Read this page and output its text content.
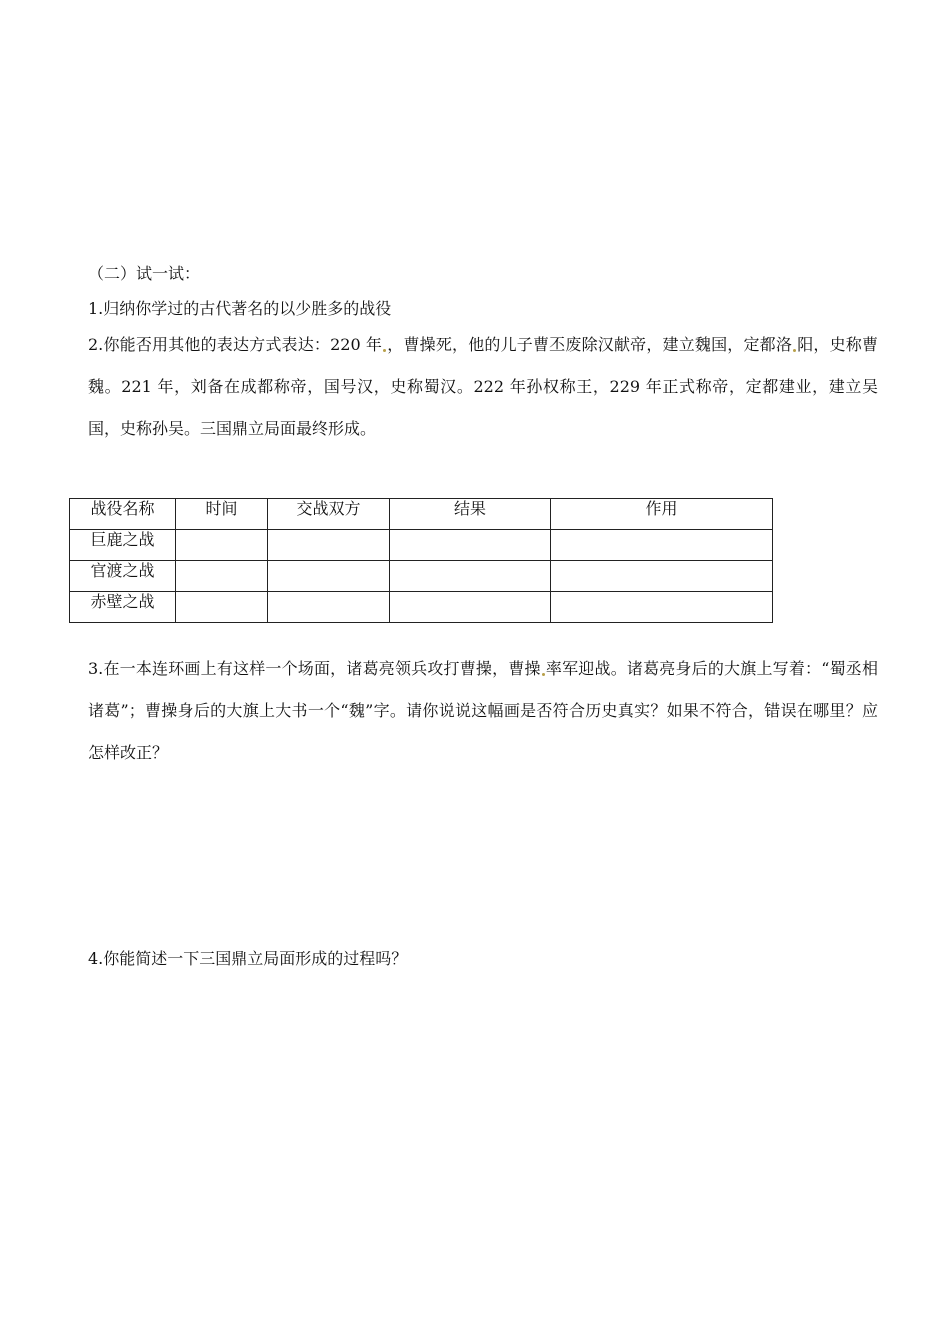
（二）试一试：
1.归纳你学过的古代著名的以少胜多的战役
2.你能否用其他的表达方式表达：220 年 ，曹操死，他的儿子曹丕废除汉献帝，建立魏国，定都洛 阳，史称曹魏。221 年，刘备在成都称帝，国号汉，史称蜀汉。222 年孙权称王，229 年正式称帝，定都建业，建立吴国，史称孙吴。三国鼎立局面最终形成。
战役名称	时间	交战双方	结果	作用
巨鹿之战				
官渡之战				
赤壁之战				
3.在一本连环画上有这样一个场面，诸葛亮领兵攻打曹操，曹操 率军迎战。诸葛亮身后的大旗上写着：“蜀丞相诸葛”；曹操身后的大旗上大书一个“魏”字。请你说说这幅画是否符合历史真实？如果不符合，错误在哪里？应怎样改正？
4.你能简述一下三国鼎立局面形成的过程吗？
